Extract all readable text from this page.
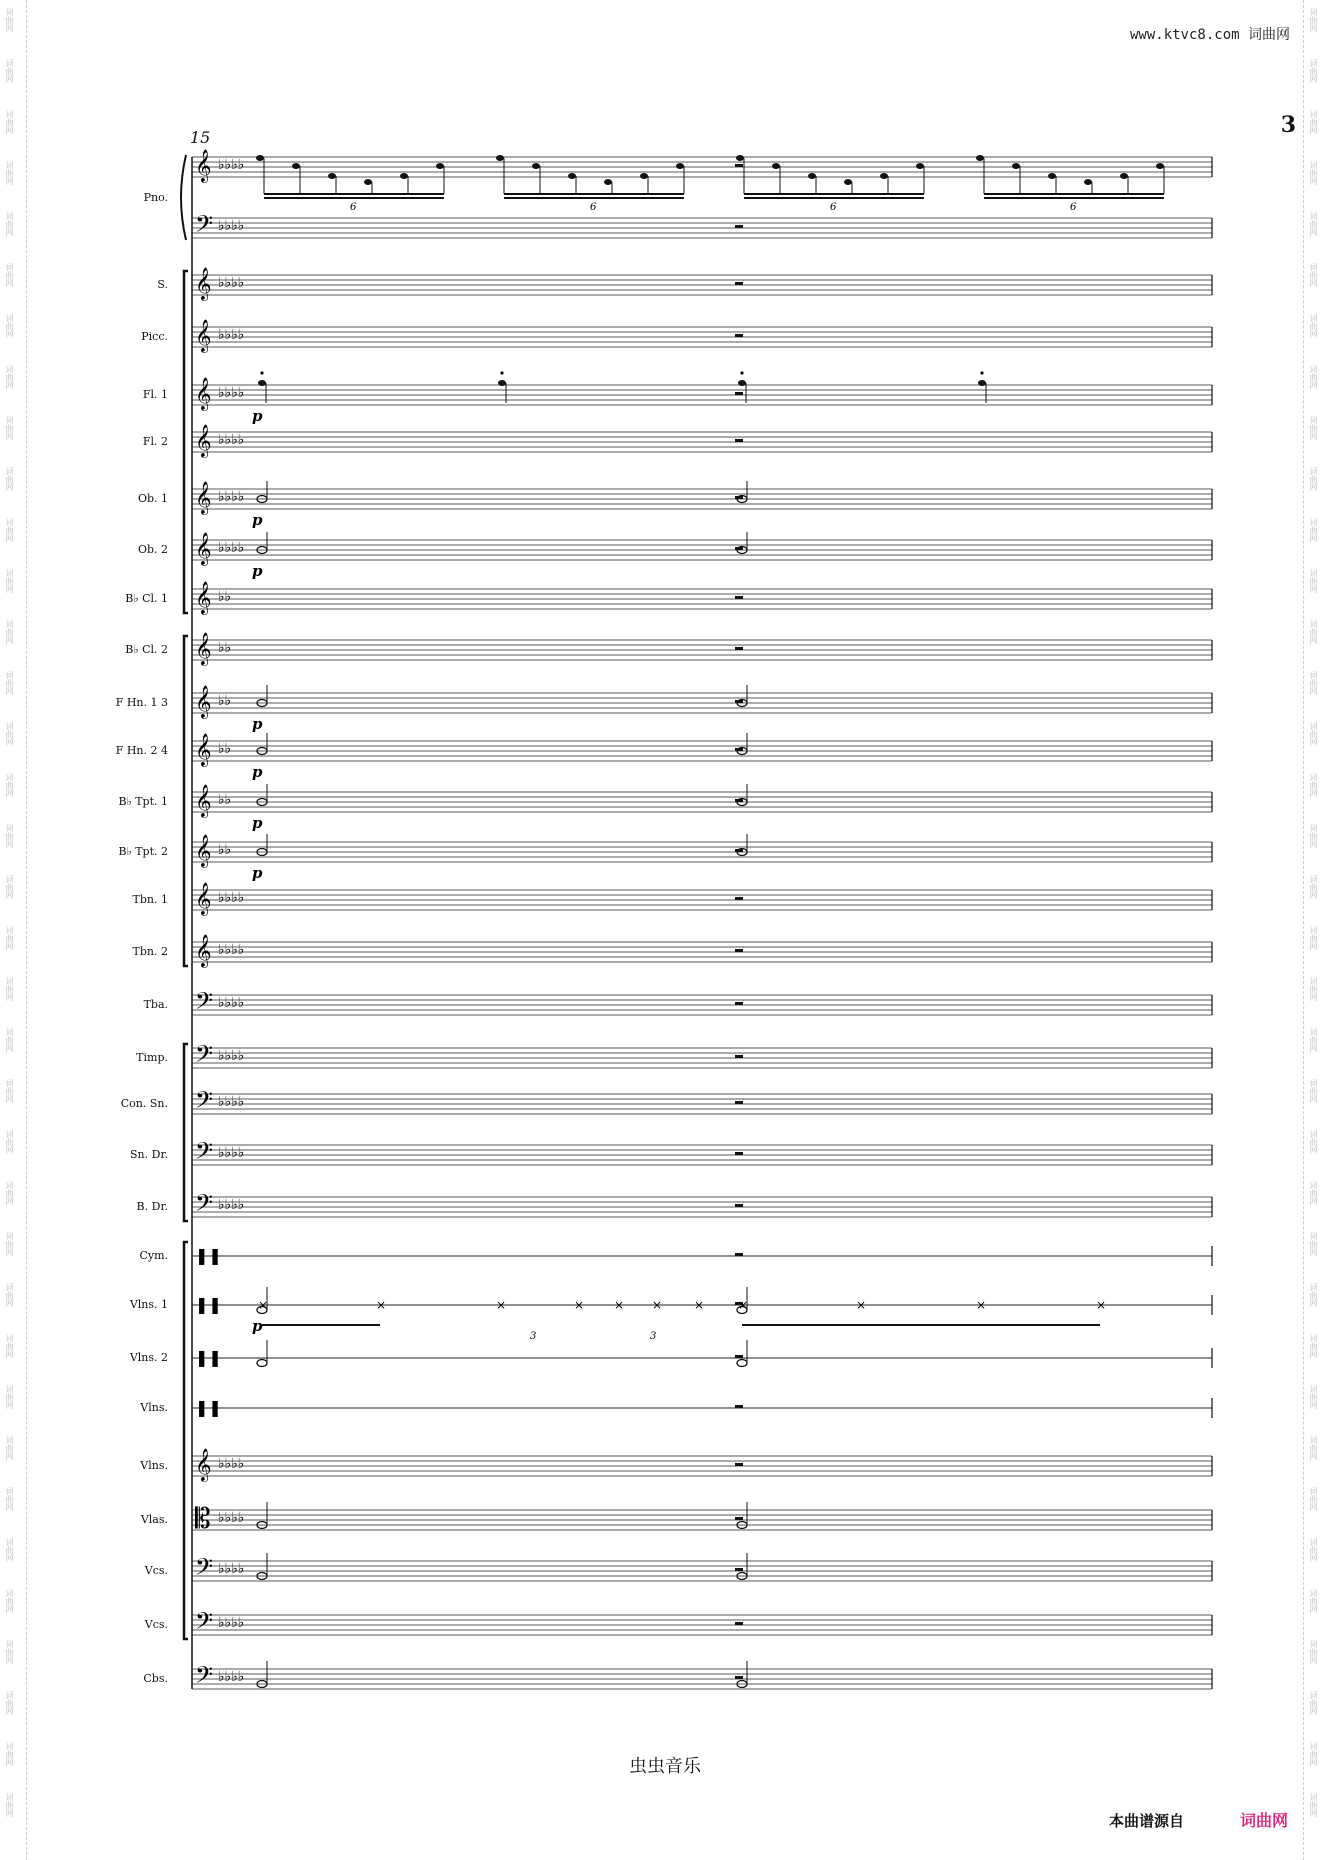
词曲网
词曲网
词曲网
词曲网
词曲网
词曲网
词曲网
词曲网
词曲网
词曲网
词曲网
词曲网
词曲网
词曲网
词曲网
词曲网
词曲网
词曲网
词曲网
词曲网
词曲网
词曲网
词曲网
词曲网
词曲网
词曲网
词曲网
词曲网
词曲网
词曲网
词曲网
词曲网
词曲网
词曲网
词曲网
词曲网
词曲网
词曲网
词曲网
词曲网
词曲网
词曲网
词曲网
词曲网
词曲网
词曲网
词曲网
词曲网
词曲网
词曲网
词曲网
词曲网
词曲网
词曲网
词曲网
词曲网
词曲网
词曲网
词曲网
词曲网
词曲网
词曲网
词曲网
词曲网
词曲网
词曲网
词曲网
词曲网
词曲网
词曲网
词曲网
词曲网
www.ktvc8.com 词曲网
3
15
Pno.
S.
Picc.
Fl. 1
Fl. 2
Ob. 1
Ob. 2
B♭ Cl. 1
B♭ Cl. 2
F Hn. 1 3
F Hn. 2 4
B♭ Tpt. 1
B♭ Tpt. 2
Tbn. 1
Tbn. 2
Tba.
Timp.
Con. Sn.
Sn. Dr.
B. Dr.
Cym.
Vlns. 1
Vlns. 2
Vlns.
Vlns.
Vlas.
Vcs.
Vcs.
Cbs.
𝄞 ♭♭♭♭
𝄢 ♭♭♭♭
𝄞 ♭♭♭♭
𝄞 ♭♭♭♭
𝄞 ♭♭♭♭
𝄞 ♭♭♭♭
𝄞 ♭♭♭♭
𝄞 ♭♭♭♭
𝄞 ♭♭
𝄞 ♭♭
𝄞 ♭♭
𝄞 ♭♭
𝄞 ♭♭
𝄞 ♭♭
𝄞 ♭♭♭♭
𝄞 ♭♭♭♭
𝄢 ♭♭♭♭
𝄢 ♭♭♭♭
𝄢 ♭♭♭♭
𝄢 ♭♭♭♭
𝄢 ♭♭♭♭
❚❚
❚❚
❚❚
❚❚
𝄞 ♭♭♭♭
𝄡 ♭♭♭♭
𝄢 ♭♭♭♭
𝄢 ♭♭♭♭
𝄢 ♭♭♭♭
6	6	6	6
p
p
p
p
p
p
p
p
×	×	×	× × ×	×	×	×	×	×
3	3
虫虫音乐
本曲谱源自	词曲网
